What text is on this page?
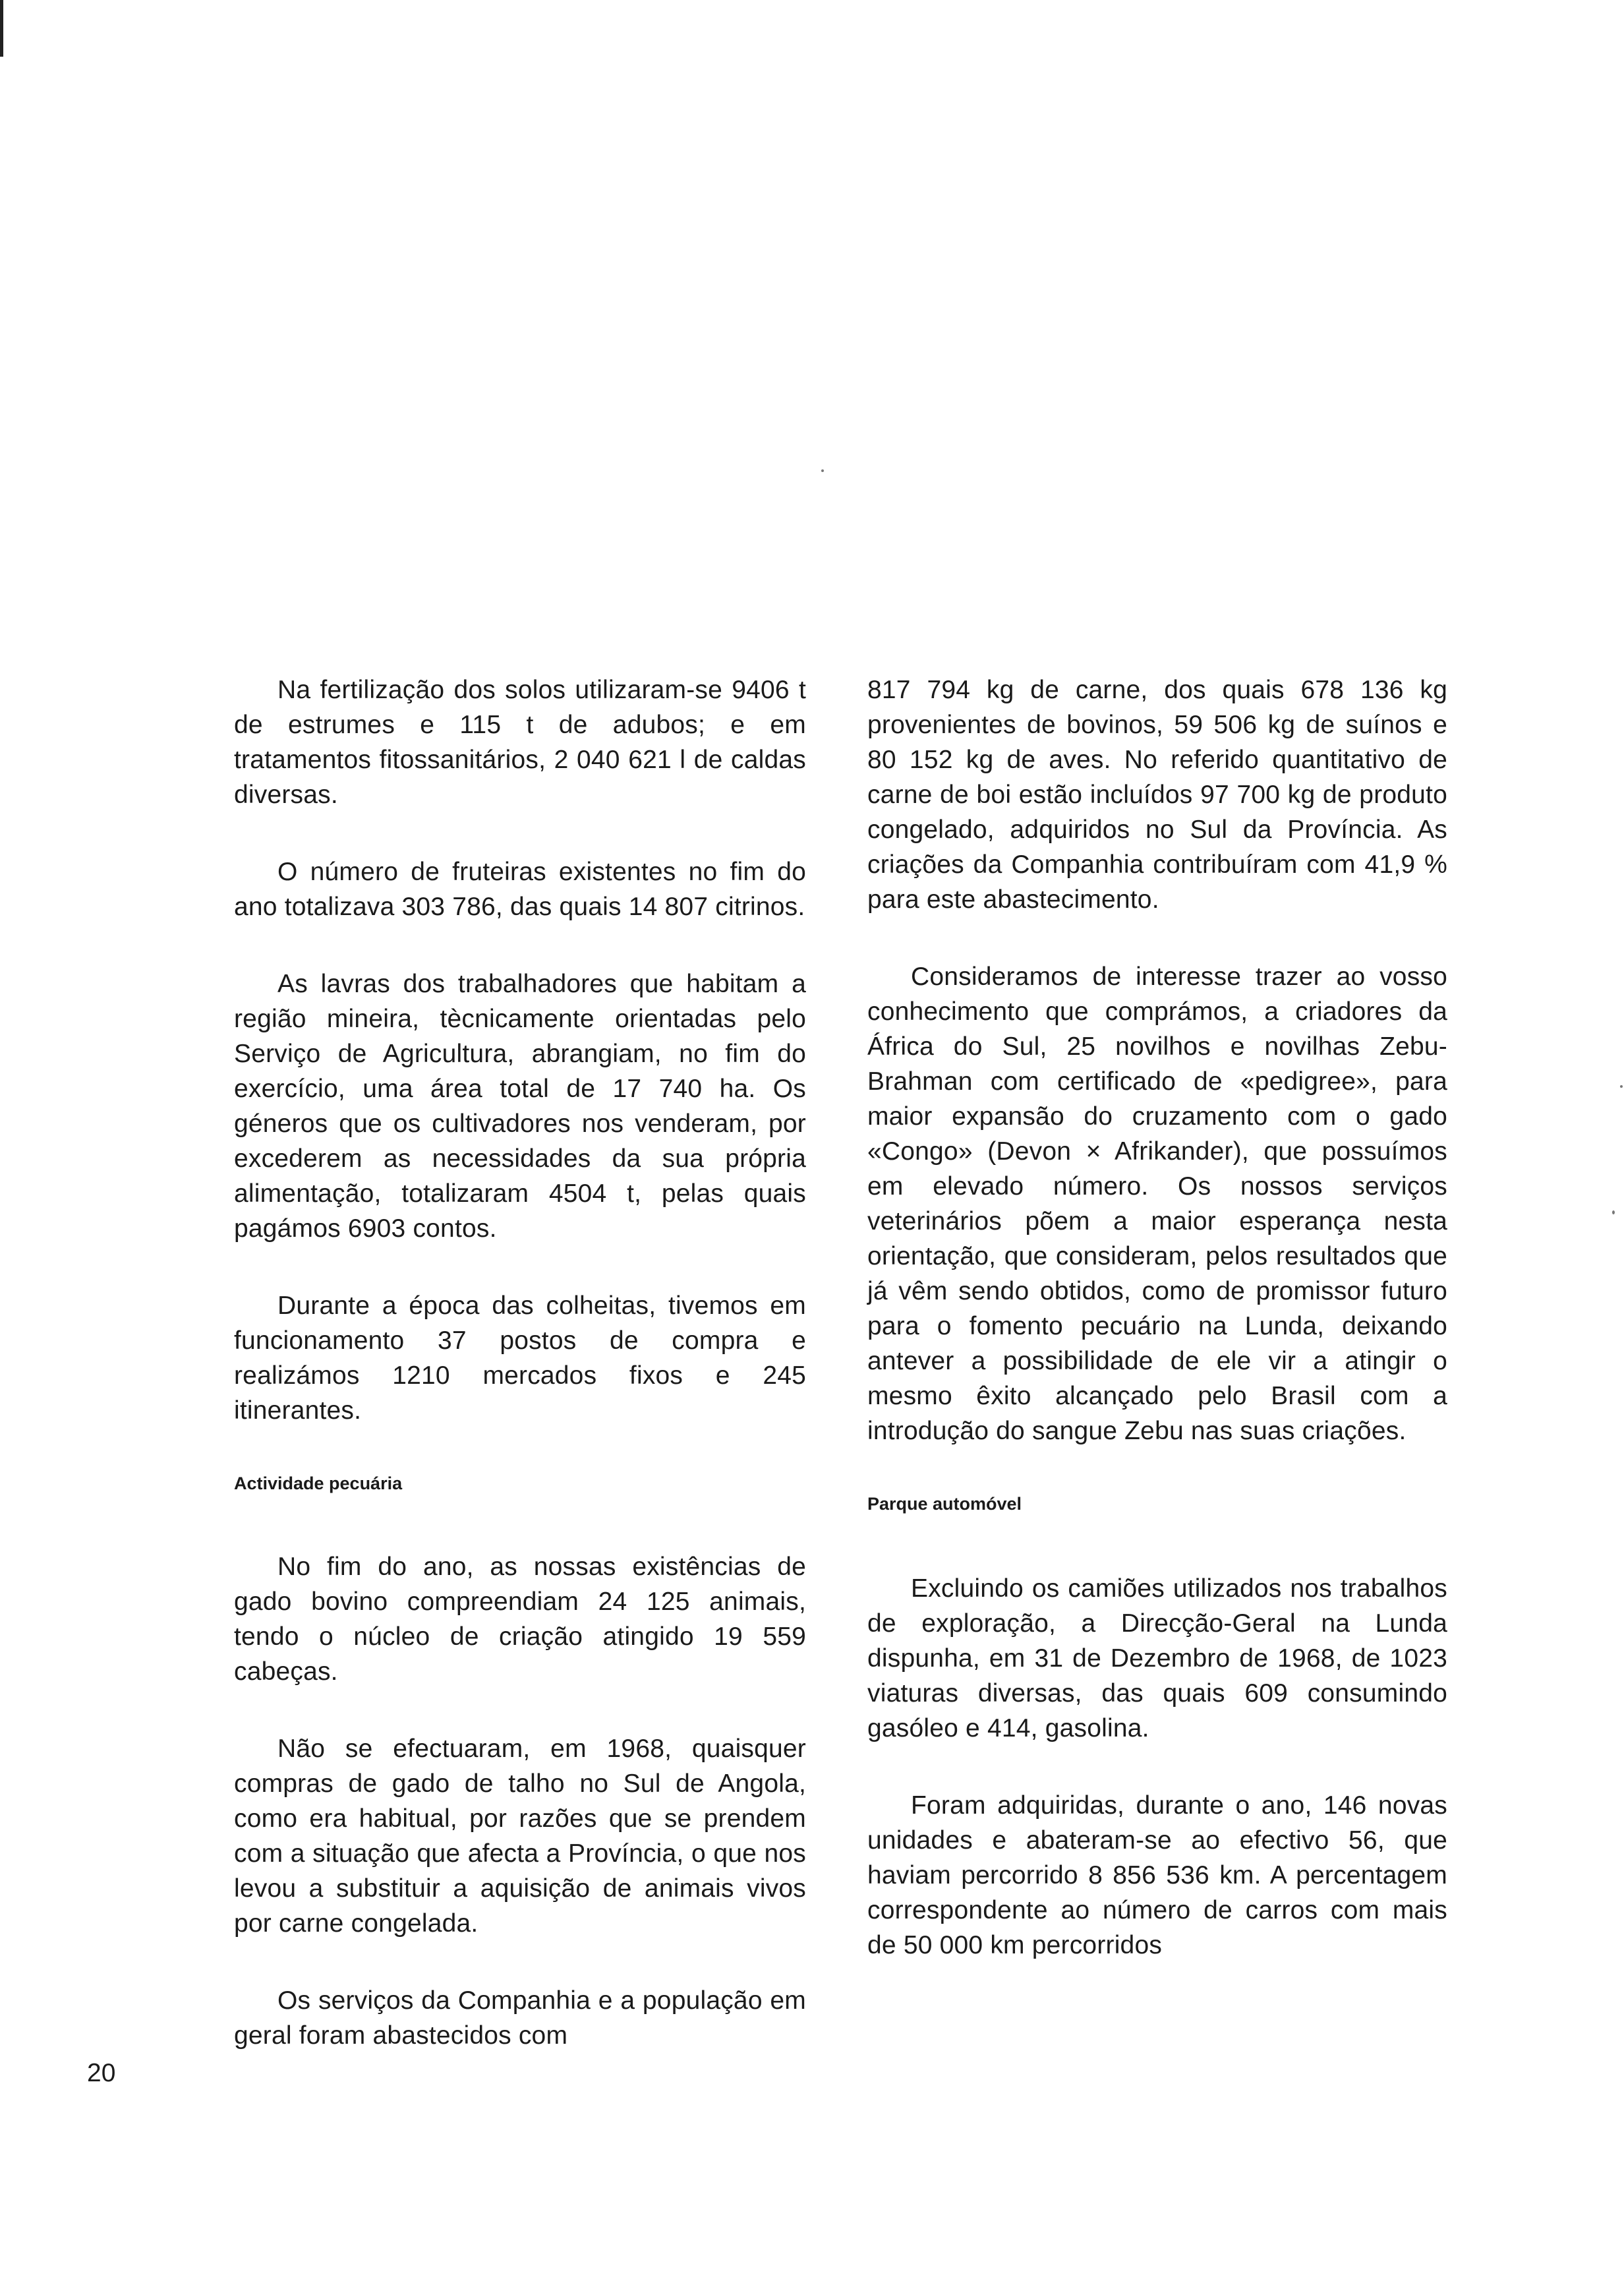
Na fertilização dos solos utilizaram-se 9406 t de estrumes e 115 t de adubos; e em tratamentos fitossanitários, 2 040 621 l de caldas diversas.

O número de fruteiras existentes no fim do ano totalizava 303 786, das quais 14 807 citrinos.

As lavras dos trabalhadores que habitam a região mineira, tècnicamente orientadas pelo Serviço de Agricultura, abrangiam, no fim do exercício, uma área total de 17 740 ha. Os géneros que os cultivadores nos venderam, por excederem as necessidades da sua própria alimentação, totalizaram 4504 t, pelas quais pagámos 6903 contos.

Durante a época das colheitas, tivemos em funcionamento 37 postos de compra e realizámos 1210 mercados fixos e 245 itinerantes.

Actividade pecuária

No fim do ano, as nossas existências de gado bovino compreendiam 24 125 animais, tendo o núcleo de criação atingido 19 559 cabeças.

Não se efectuaram, em 1968, quaisquer compras de gado de talho no Sul de Angola, como era habitual, por razões que se prendem com a situação que afecta a Província, o que nos levou a substituir a aquisição de animais vivos por carne congelada.

Os serviços da Companhia e a população em geral foram abastecidos com

817 794 kg de carne, dos quais 678 136 kg provenientes de bovinos, 59 506 kg de suínos e 80 152 kg de aves. No referido quantitativo de carne de boi estão incluídos 97 700 kg de produto congelado, adquiridos no Sul da Província. As criações da Companhia contribuíram com 41,9 % para este abastecimento.

Consideramos de interesse trazer ao vosso conhecimento que comprámos, a criadores da África do Sul, 25 novilhos e novilhas Zebu-Brahman com certificado de «pedigree», para maior expansão do cruzamento com o gado «Congo» (Devon × Afrikander), que possuímos em elevado número. Os nossos serviços veterinários põem a maior esperança nesta orientação, que consideram, pelos resultados que já vêm sendo obtidos, como de promissor futuro para o fomento pecuário na Lunda, deixando antever a possibilidade de ele vir a atingir o mesmo êxito alcançado pelo Brasil com a introdução do sangue Zebu nas suas criações.

Parque automóvel

Excluindo os camiões utilizados nos trabalhos de exploração, a Direcção-Geral na Lunda dispunha, em 31 de Dezembro de 1968, de 1023 viaturas diversas, das quais 609 consumindo gasóleo e 414, gasolina.

Foram adquiridas, durante o ano, 146 novas unidades e abateram-se ao efectivo 56, que haviam percorrido 8 856 536 km. A percentagem correspondente ao número de carros com mais de 50 000 km percorridos

20
